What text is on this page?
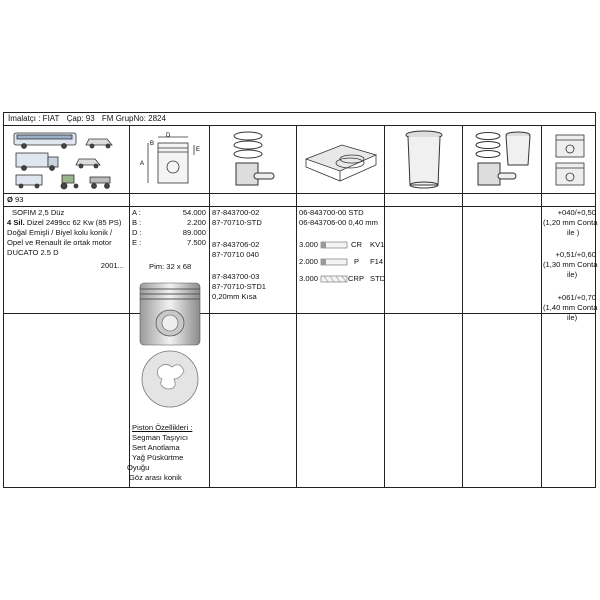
İmalatçı : FIAT Çap: 93 FM GrupNo: 2824
D
A
B
E
Ø 93
SOFIM 2,5 Düz
4 Sil. Dizel 2499cc 62 Kw (85 PS)
Doğal Emişli / Biyel kolu konik /
Opel ve Renault ile ortak motor
DUCATO 2.5 D
2001...
A :	54.000
B :	2.200
D :	89.000
E :	7.500
Pim: 32 x 68
Piston Özellikleri :
Segman Taşıyıcı
Sert Anotlama
Yağ Püskürtme
Oyuğu
Göz arası konik
87-843700-02
87-70710-STD
87-843706-02
87-70710 040
87-843700-03
87-70710-STD1
0,20mm Kısa
06-843700-00 STD
06-843706-00 0,40 mm
3.000	CR KV1
2.000	P F14
3.000	CRP STD
+040/+0,50
(1,20 mm Conta
ile )
+0,51/+0,60
(1,30 mm Conta
ile)
+061/+0,70
(1,40 mm Conta
ile)
